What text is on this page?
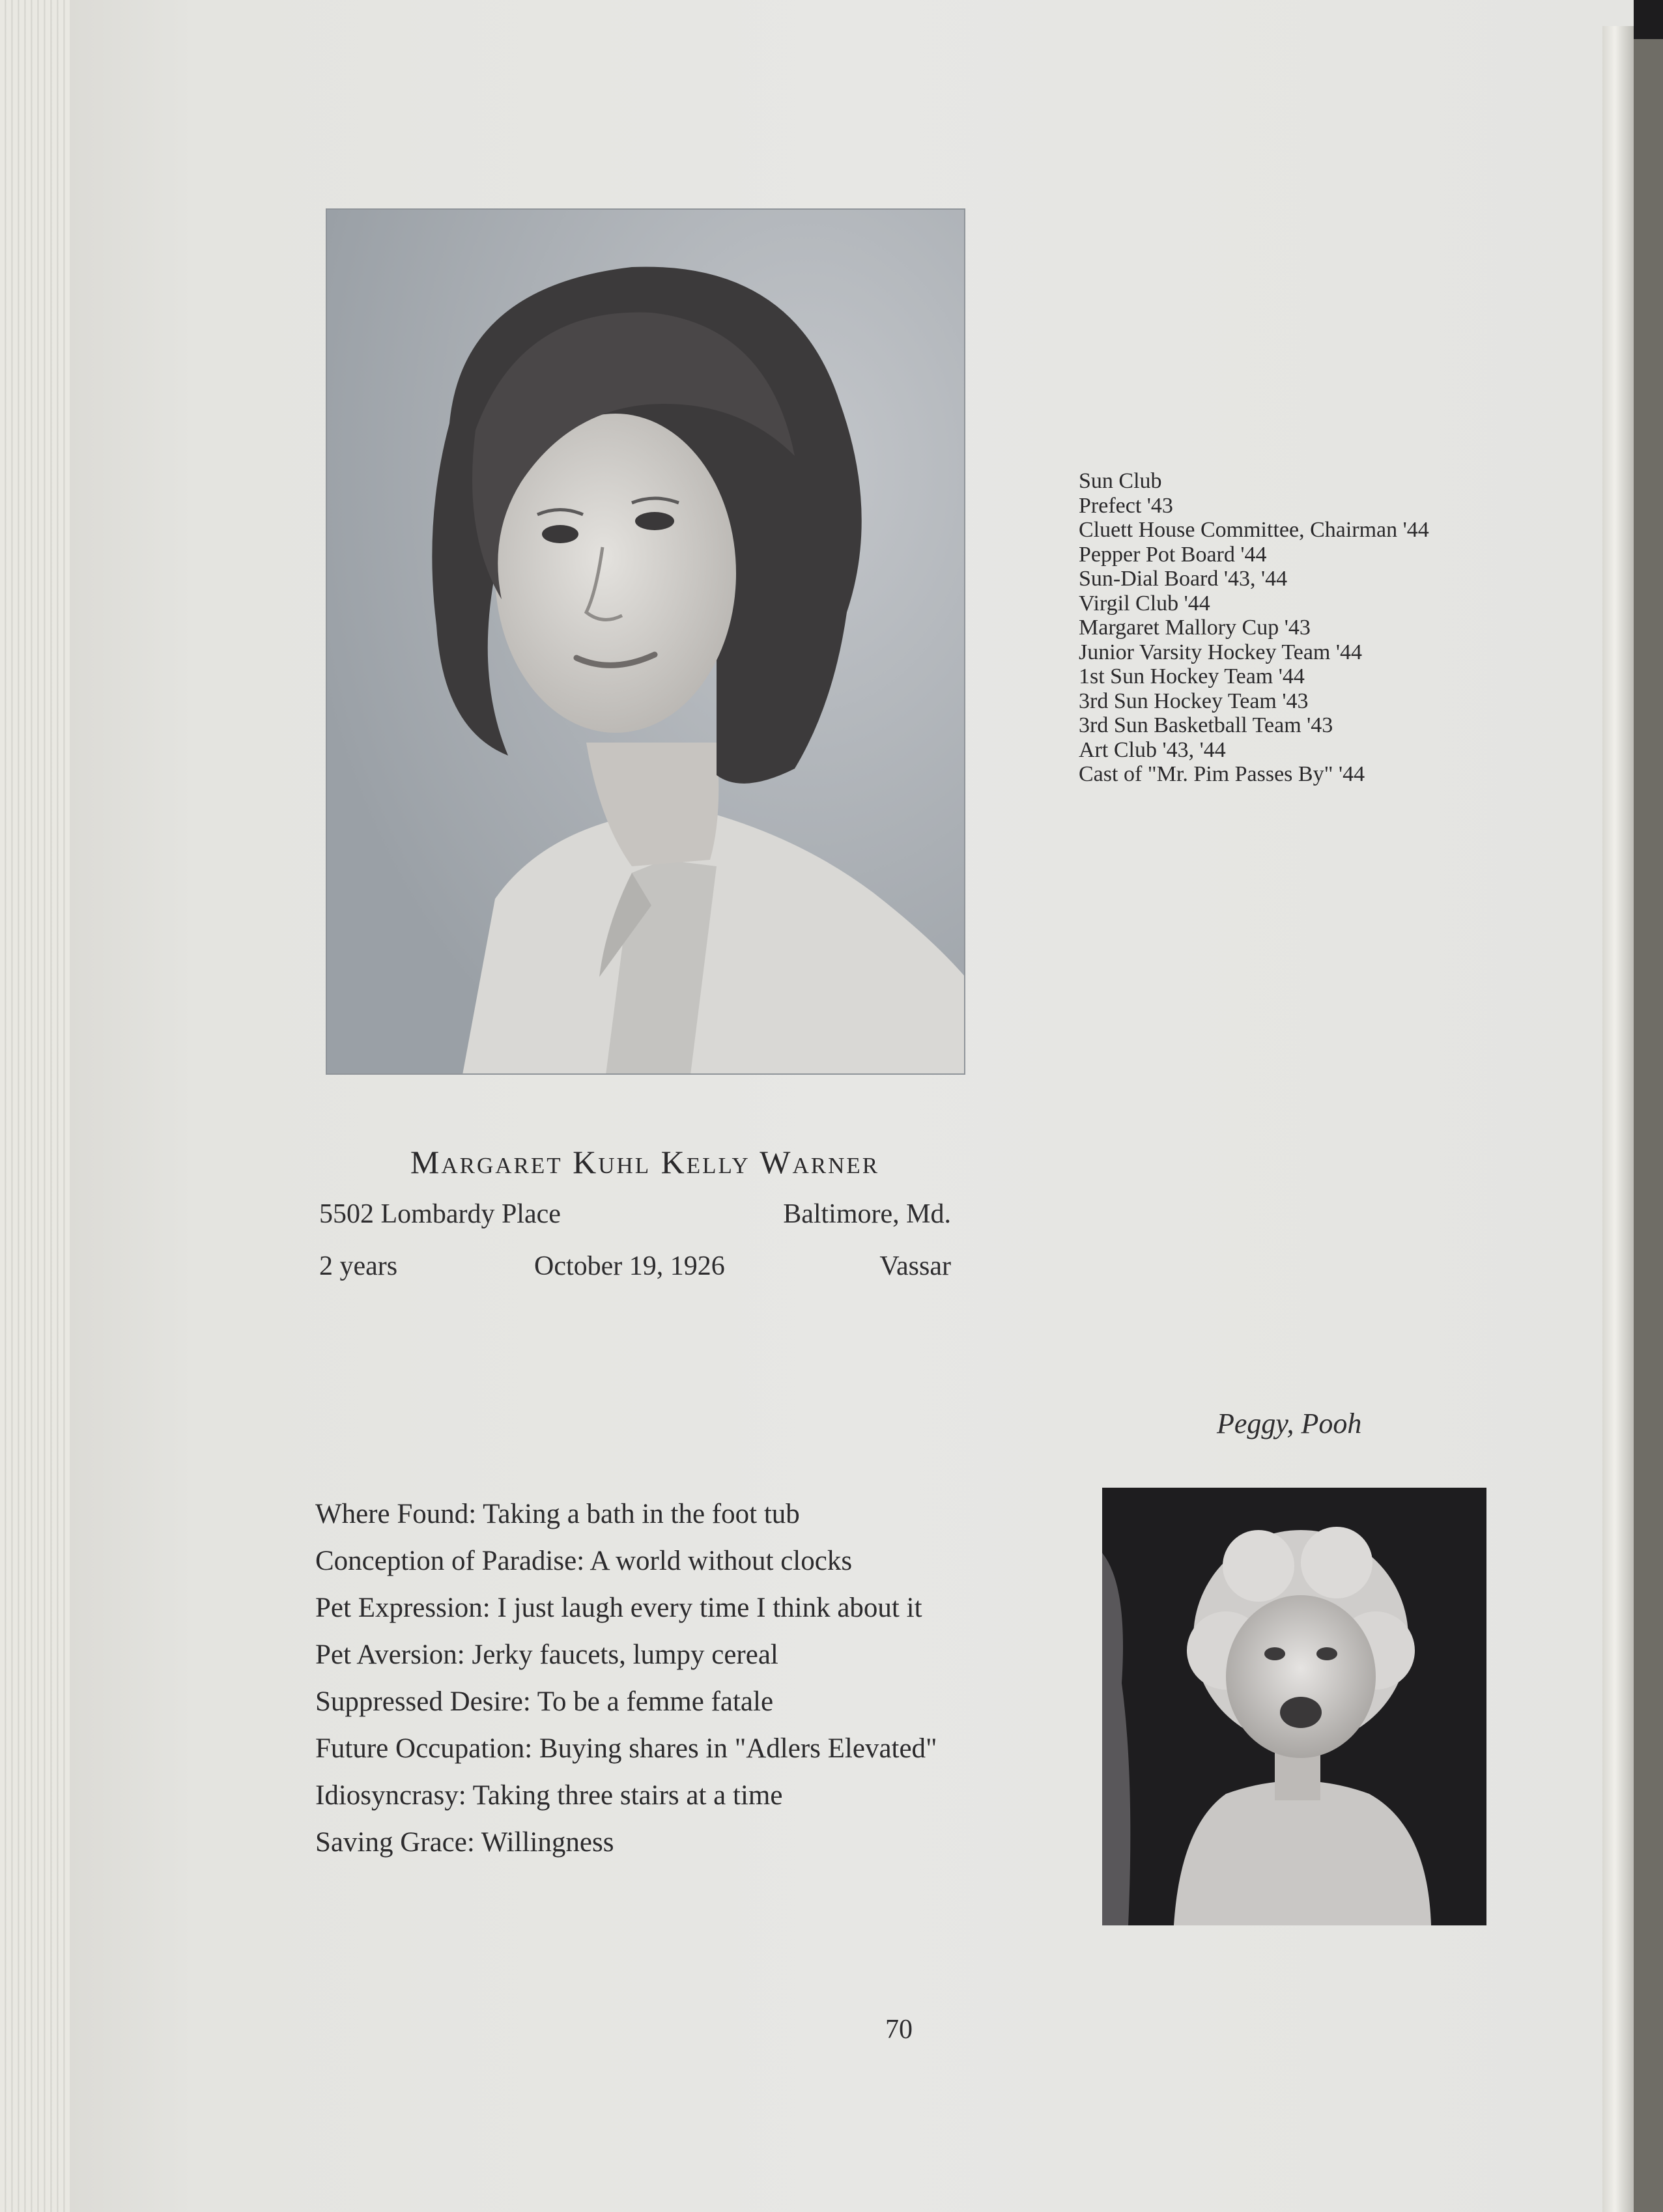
Sun Club
Prefect '43
Cluett House Committee, Chairman '44
Pepper Pot Board '44
Sun-Dial Board '43, '44
Virgil Club '44
Margaret Mallory Cup '43
Junior Varsity Hockey Team '44
1st Sun Hockey Team '44
3rd Sun Hockey Team '43
3rd Sun Basketball Team '43
Art Club '43, '44
Cast of "Mr. Pim Passes By" '44
Margaret Kuhl Kelly Warner
5502 Lombardy Place	Baltimore, Md.
2 years	October 19, 1926	Vassar
Peggy, Pooh
Where Found: Taking a bath in the foot tub
Conception of Paradise: A world without clocks
Pet Expression: I just laugh every time I think about it
Pet Aversion: Jerky faucets, lumpy cereal
Suppressed Desire: To be a femme fatale
Future Occupation: Buying shares in "Adlers Elevated"
Idiosyncrasy: Taking three stairs at a time
Saving Grace: Willingness
70
